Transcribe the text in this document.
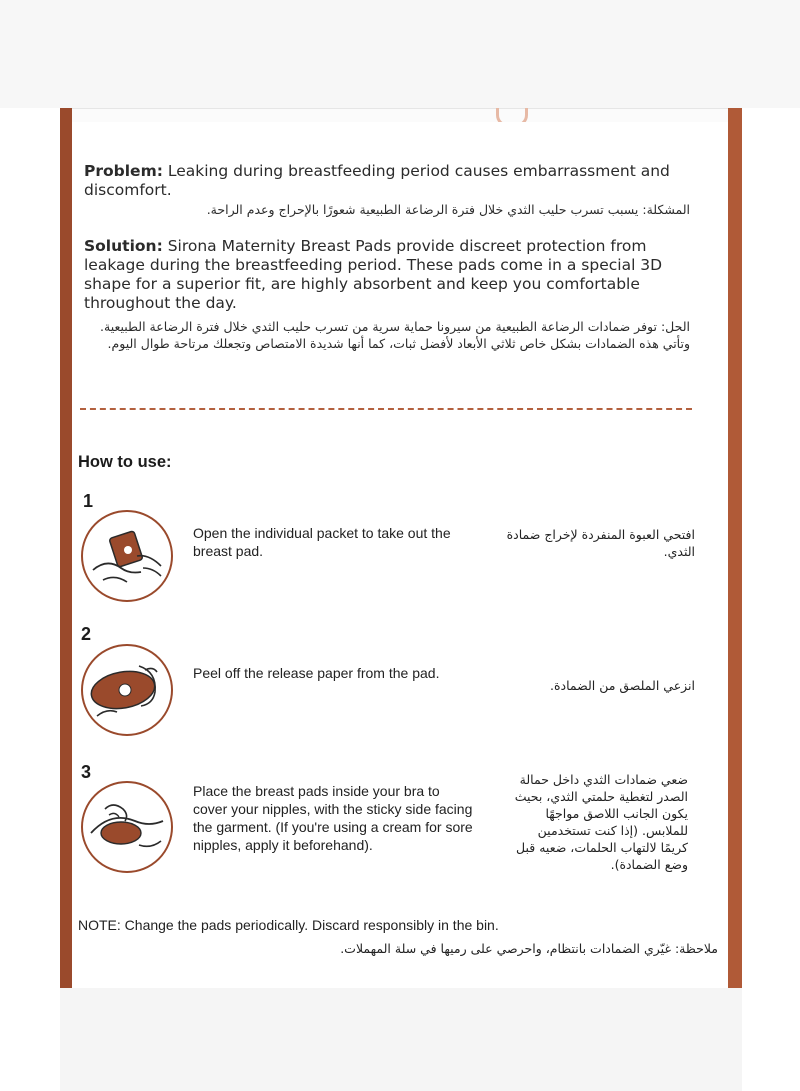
Problem: Leaking during breastfeeding period causes embarrassment and discomfort.
المشكلة: يسبب تسرب حليب الثدي خلال فترة الرضاعة الطبيعية شعورًا بالإحراج وعدم الراحة.
Solution: Sirona Maternity Breast Pads provide discreet protection from leakage during the breastfeeding period. These pads come in a special 3D shape for a superior fit, are highly absorbent and keep you comfortable throughout the day.
الحل: توفر ضمادات الرضاعة الطبيعية من سيرونا حماية سرية من تسرب حليب الثدي خلال فترة الرضاعة الطبيعية. وتأتي هذه الضمادات بشكل خاص ثلاثي الأبعاد لأفضل ثبات، كما أنها شديدة الامتصاص وتجعلك مرتاحة طوال اليوم.
How to use:
1
Open the individual packet to take out the breast pad.
افتحي العبوة المنفردة لإخراج ضمادة الثدي.
2
Peel off the release paper from the pad.
انزعي الملصق من الضمادة.
3
Place the breast pads inside your bra to cover your nipples, with the sticky side facing the garment. (If you're using a cream for sore nipples, apply it beforehand).
ضعي ضمادات الثدي داخل حمالة الصدر لتغطية حلمتي الثدي، بحيث يكون الجانب اللاصق مواجهًا للملابس. (إذا كنت تستخدمين كريمًا لالتهاب الحلمات، ضعيه قبل وضع الضمادة).
NOTE: Change the pads periodically. Discard responsibly in the bin.
ملاحظة: غيّري الضمادات بانتظام، واحرصي على رميها في سلة المهملات.
